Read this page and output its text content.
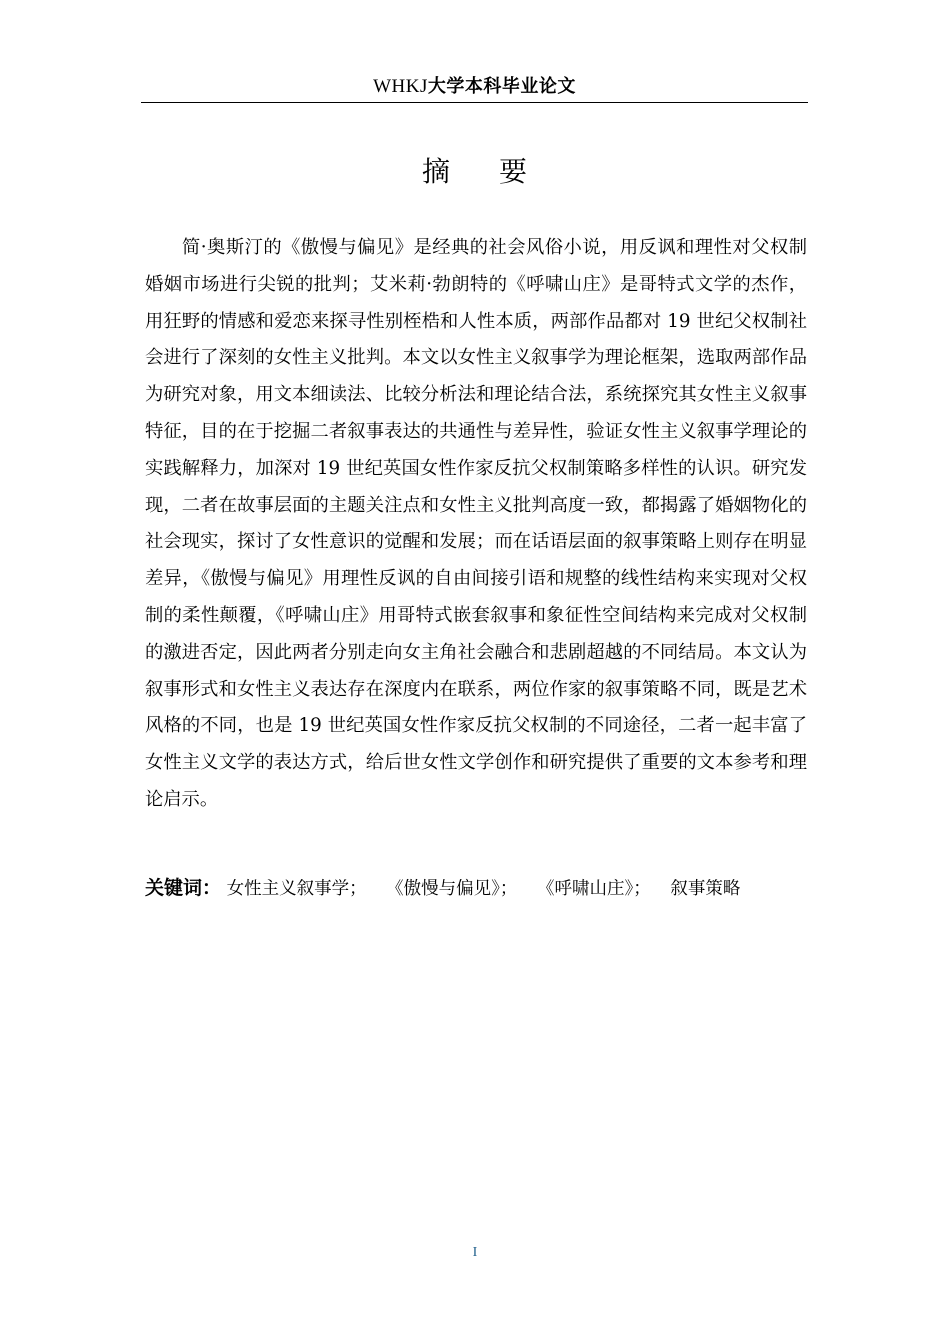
WHKJ大学本科毕业论文
摘 要

简·奥斯汀的《傲慢与偏见》是经典的社会风俗小说，用反讽和理性对父权制婚姻市场进行尖锐的批判；艾米莉·勃朗特的《呼啸山庄》是哥特式文学的杰作，用狂野的情感和爱恋来探寻性别桎梏和人性本质，两部作品都对 19 世纪父权制社会进行了深刻的女性主义批判。本文以女性主义叙事学为理论框架，选取两部作品为研究对象，用文本细读法、比较分析法和理论结合法，系统探究其女性主义叙事特征，目的在于挖掘二者叙事表达的共通性与差异性，验证女性主义叙事学理论的实践解释力，加深对 19 世纪英国女性作家反抗父权制策略多样性的认识。研究发现，二者在故事层面的主题关注点和女性主义批判高度一致，都揭露了婚姻物化的社会现实，探讨了女性意识的觉醒和发展；而在话语层面的叙事策略上则存在明显差异，《傲慢与偏见》用理性反讽的自由间接引语和规整的线性结构来实现对父权制的柔性颠覆，《呼啸山庄》用哥特式嵌套叙事和象征性空间结构来完成对父权制的激进否定，因此两者分别走向女主角社会融合和悲剧超越的不同结局。本文认为叙事形式和女性主义表达存在深度内在联系，两位作家的叙事策略不同，既是艺术风格的不同，也是 19 世纪英国女性作家反抗父权制的不同途径，二者一起丰富了女性主义文学的表达方式，给后世女性文学创作和研究提供了重要的文本参考和理论启示。

关键词： 女性主义叙事学； 《傲慢与偏见》； 《呼啸山庄》； 叙事策略
I
